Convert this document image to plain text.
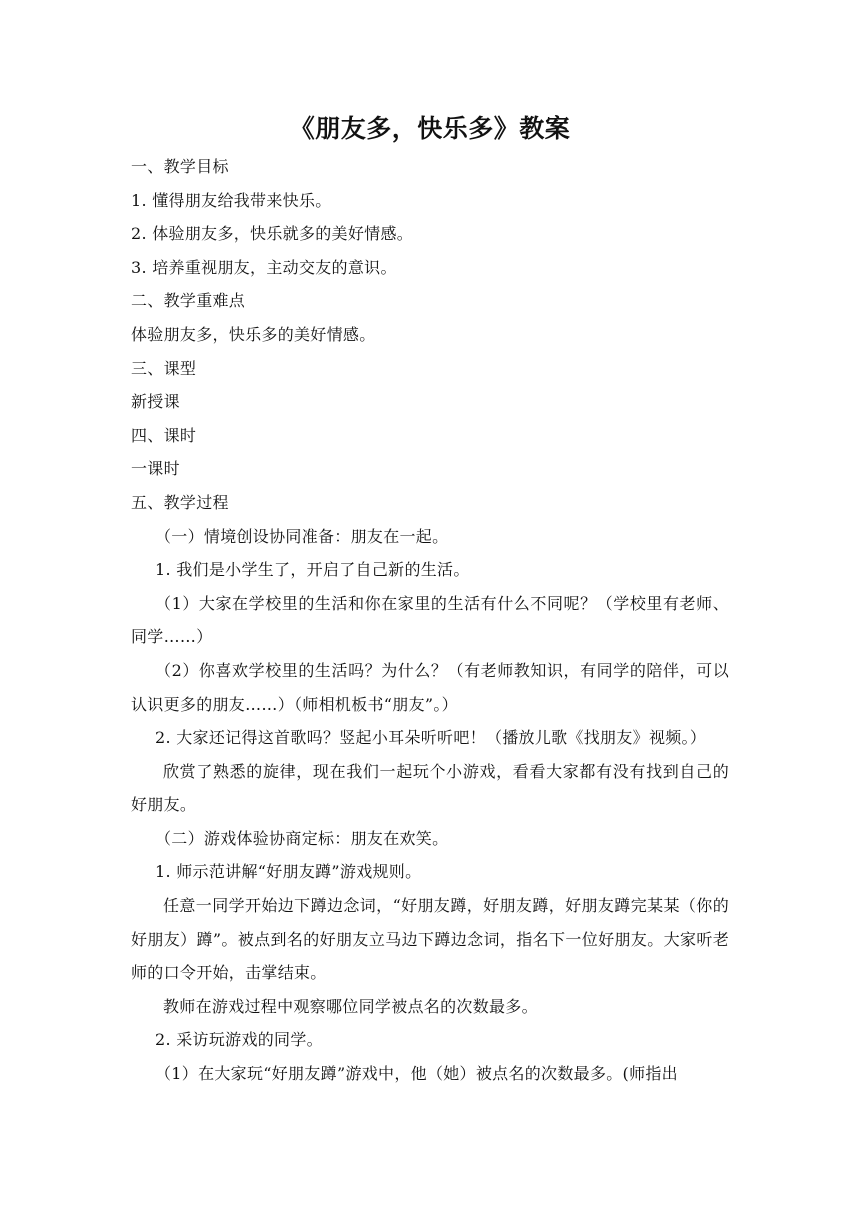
《朋友多，快乐多》教案

一、教学目标

1. 懂得朋友给我带来快乐。

2. 体验朋友多，快乐就多的美好情感。

3. 培养重视朋友，主动交友的意识。

二、教学重难点

体验朋友多，快乐多的美好情感。

三、课型

新授课

四、课时

一课时

五、教学过程

（一）情境创设协同准备：朋友在一起。

1. 我们是小学生了，开启了自己新的生活。

（1）大家在学校里的生活和你在家里的生活有什么不同呢？（学校里有老师、同学……）

（2）你喜欢学校里的生活吗？为什么？（有老师教知识，有同学的陪伴，可以认识更多的朋友……）（师相机板书“朋友”。）

2. 大家还记得这首歌吗？竖起小耳朵听听吧！（播放儿歌《找朋友》视频。）

欣赏了熟悉的旋律，现在我们一起玩个小游戏，看看大家都有没有找到自己的好朋友。

（二）游戏体验协商定标：朋友在欢笑。

1. 师示范讲解“好朋友蹲”游戏规则。

任意一同学开始边下蹲边念词，“好朋友蹲，好朋友蹲，好朋友蹲完某某（你的好朋友）蹲”。被点到名的好朋友立马边下蹲边念词，指名下一位好朋友。大家听老师的口令开始，击掌结束。

教师在游戏过程中观察哪位同学被点名的次数最多。

2. 采访玩游戏的同学。

（1）在大家玩“好朋友蹲”游戏中，他（她）被点名的次数最多。(师指出
